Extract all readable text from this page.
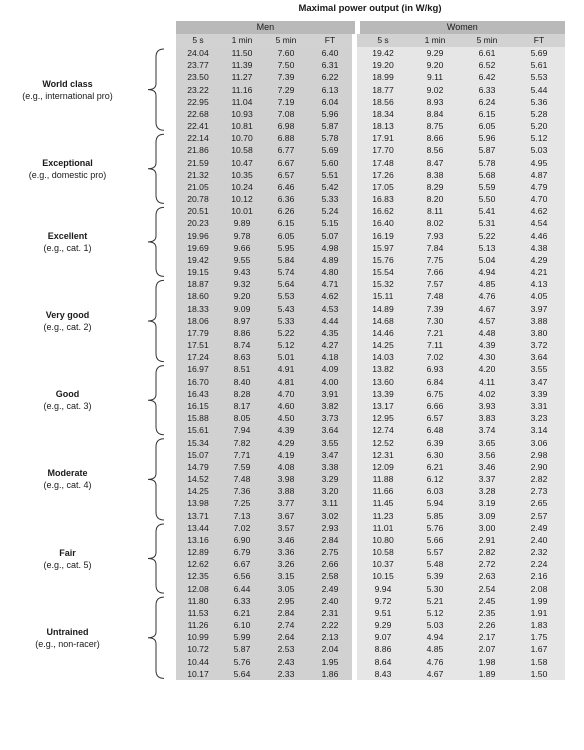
Maximal power output (in W/kg)
Men	Women
5 s	1 min	5 min	FT	5 s	1 min	5 min	FT
24.04	11.50	7.60	6.40	19.42	9.29	6.61	5.69
23.77	11.39	7.50	6.31	19.20	9.20	6.52	5.61
23.50	11.27	7.39	6.22	18.99	9.11	6.42	5.53
23.22	11.16	7.29	6.13	18.77	9.02	6.33	5.44
22.95	11.04	7.19	6.04	18.56	8.93	6.24	5.36
22.68	10.93	7.08	5.96	18.34	8.84	6.15	5.28
22.41	10.81	6.98	5.87	18.13	8.75	6.05	5.20
22.14	10.70	6.88	5.78	17.91	8.66	5.96	5.12
21.86	10.58	6.77	5.69	17.70	8.56	5.87	5.03
21.59	10.47	6.67	5.60	17.48	8.47	5.78	4.95
21.32	10.35	6.57	5.51	17.26	8.38	5.68	4.87
21.05	10.24	6.46	5.42	17.05	8.29	5.59	4.79
20.78	10.12	6.36	5.33	16.83	8.20	5.50	4.70
20.51	10.01	6.26	5.24	16.62	8.11	5.41	4.62
20.23	9.89	6.15	5.15	16.40	8.02	5.31	4.54
19.96	9.78	6.05	5.07	16.19	7.93	5.22	4.46
19.69	9.66	5.95	4.98	15.97	7.84	5.13	4.38
19.42	9.55	5.84	4.89	15.76	7.75	5.04	4.29
19.15	9.43	5.74	4.80	15.54	7.66	4.94	4.21
18.87	9.32	5.64	4.71	15.32	7.57	4.85	4.13
18.60	9.20	5.53	4.62	15.11	7.48	4.76	4.05
18.33	9.09	5.43	4.53	14.89	7.39	4.67	3.97
18.06	8.97	5.33	4.44	14.68	7.30	4.57	3.88
17.79	8.86	5.22	4.35	14.46	7.21	4.48	3.80
17.51	8.74	5.12	4.27	14.25	7.11	4.39	3.72
17.24	8.63	5.01	4.18	14.03	7.02	4.30	3.64
16.97	8.51	4.91	4.09	13.82	6.93	4.20	3.55
16.70	8.40	4.81	4.00	13.60	6.84	4.11	3.47
16.43	8.28	4.70	3.91	13.39	6.75	4.02	3.39
16.15	8.17	4.60	3.82	13.17	6.66	3.93	3.31
15.88	8.05	4.50	3.73	12.95	6.57	3.83	3.23
15.61	7.94	4.39	3.64	12.74	6.48	3.74	3.14
15.34	7.82	4.29	3.55	12.52	6.39	3.65	3.06
15.07	7.71	4.19	3.47	12.31	6.30	3.56	2.98
14.79	7.59	4.08	3.38	12.09	6.21	3.46	2.90
14.52	7.48	3.98	3.29	11.88	6.12	3.37	2.82
14.25	7.36	3.88	3.20	11.66	6.03	3.28	2.73
13.98	7.25	3.77	3.11	11.45	5.94	3.19	2.65
13.71	7.13	3.67	3.02	11.23	5.85	3.09	2.57
13.44	7.02	3.57	2.93	11.01	5.76	3.00	2.49
13.16	6.90	3.46	2.84	10.80	5.66	2.91	2.40
12.89	6.79	3.36	2.75	10.58	5.57	2.82	2.32
12.62	6.67	3.26	2.66	10.37	5.48	2.72	2.24
12.35	6.56	3.15	2.58	10.15	5.39	2.63	2.16
12.08	6.44	3.05	2.49	9.94	5.30	2.54	2.08
11.80	6.33	2.95	2.40	9.72	5.21	2.45	1.99
11.53	6.21	2.84	2.31	9.51	5.12	2.35	1.91
11.26	6.10	2.74	2.22	9.29	5.03	2.26	1.83
10.99	5.99	2.64	2.13	9.07	4.94	2.17	1.75
10.72	5.87	2.53	2.04	8.86	4.85	2.07	1.67
10.44	5.76	2.43	1.95	8.64	4.76	1.98	1.58
10.17	5.64	2.33	1.86	8.43	4.67	1.89	1.50
World class
(e.g., international pro)
Exceptional
(e.g., domestic pro)
Excellent
(e.g., cat. 1)
Very good
(e.g., cat. 2)
Good
(e.g., cat. 3)
Moderate
(e.g., cat. 4)
Fair
(e.g., cat. 5)
Untrained
(e.g., non-racer)
